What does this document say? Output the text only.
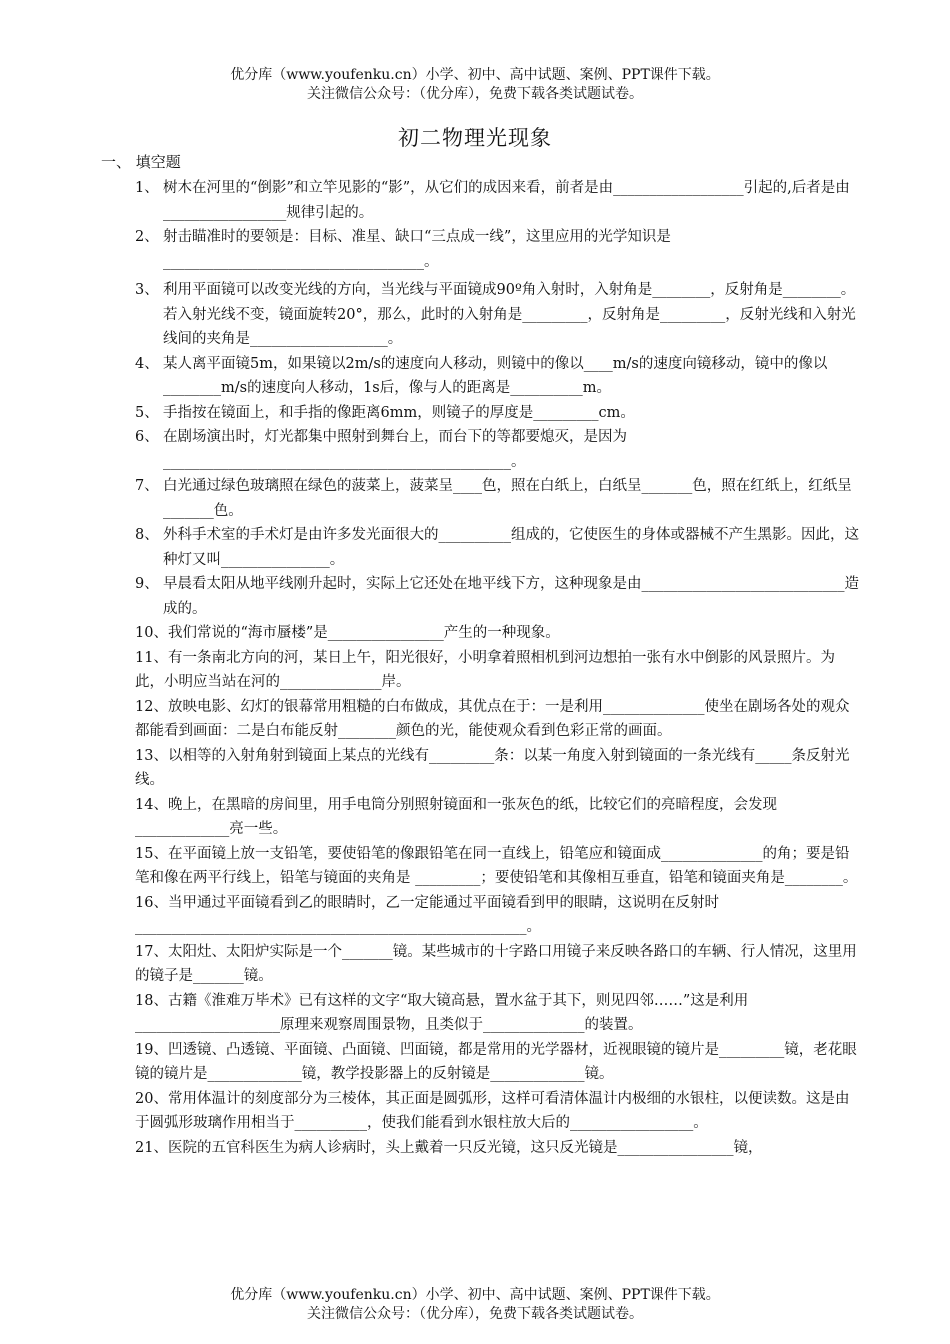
优分库（www.youfenku.cn）小学、初中、高中试题、案例、PPT课件下载。
关注微信公众号：（优分库），免费下载各类试题试卷。
初二物理光现象
一、 填空题

1、 树木在河里的“倒影”和立竿见影的“影”，从它们的成因来看，前者是由__________________引起的,后者是由_________________规律引起的。

2、 射击瞄准时的要领是：目标、准星、缺口“三点成一线”，这里应用的光学知识是____________________________________。

3、 利用平面镜可以改变光线的方向，当光线与平面镜成90º角入射时，入射角是________，反射角是________。若入射光线不变，镜面旋转20°，那么，此时的入射角是_________，反射角是_________，反射光线和入射光线间的夹角是___________________。

4、 某人离平面镜5m，如果镜以2m/s的速度向人移动，则镜中的像以____m/s的速度向镜移动，镜中的像以________m/s的速度向人移动，1s后，像与人的距离是__________m。

5、 手指按在镜面上，和手指的像距离6mm，则镜子的厚度是_________cm。

6、 在剧场演出时，灯光都集中照射到舞台上，而台下的等都要熄灭，是因为________________________________________________。

7、 白光通过绿色玻璃照在绿色的菠菜上，菠菜呈____色，照在白纸上，白纸呈_______色，照在红纸上，红纸呈_______色。

8、 外科手术室的手术灯是由许多发光面很大的__________组成的，它使医生的身体或器械不产生黑影。因此，这种灯又叫_______________。

9、 早晨看太阳从地平线刚升起时，实际上它还处在地平线下方，这种现象是由____________________________造成的。

10、我们常说的“海市蜃楼”是________________产生的一种现象。

11、有一条南北方向的河，某日上午，阳光很好，小明拿着照相机到河边想拍一张有水中倒影的风景照片。为此，小明应当站在河的______________岸。

12、放映电影、幻灯的银幕常用粗糙的白布做成，其优点在于：一是利用______________使坐在剧场各处的观众都能看到画面：二是白布能反射________颜色的光，能使观众看到色彩正常的画面。

13、以相等的入射角射到镜面上某点的光线有_________条：以某一角度入射到镜面的一条光线有_____条反射光线。

14、晚上，在黑暗的房间里，用手电筒分别照射镜面和一张灰色的纸，比较它们的亮暗程度，会发现_____________亮一些。

15、在平面镜上放一支铅笔，要使铅笔的像跟铅笔在同一直线上，铅笔应和镜面成______________的角；要是铅笔和像在两平行线上，铅笔与镜面的夹角是 _________；要使铅笔和其像相互垂直，铅笔和镜面夹角是________。

16、当甲通过平面镜看到乙的眼睛时，乙一定能通过平面镜看到甲的眼睛，这说明在反射时______________________________________________________。

17、太阳灶、太阳炉实际是一个_______镜。某些城市的十字路口用镜子来反映各路口的车辆、行人情况，这里用的镜子是_______镜。

18、古籍《淮难万毕术》已有这样的文字“取大镜高悬，置水盆于其下，则见四邻……”这是利用____________________原理来观察周围景物，且类似于______________的装置。

19、凹透镜、凸透镜、平面镜、凸面镜、凹面镜，都是常用的光学器材，近视眼镜的镜片是_________镜，老花眼镜的镜片是_____________镜，教学投影器上的反射镜是_____________镜。

20、常用体温计的刻度部分为三棱体，其正面是圆弧形，这样可看清体温计内极细的水银柱，以便读数。这是由于圆弧形玻璃作用相当于__________，使我们能看到水银柱放大后的_________________。

21、医院的五官科医生为病人诊病时，头上戴着一只反光镜，这只反光镜是________________镜，

优分库（www.youfenku.cn）小学、初中、高中试题、案例、PPT课件下载。
关注微信公众号：（优分库），免费下载各类试题试卷。
